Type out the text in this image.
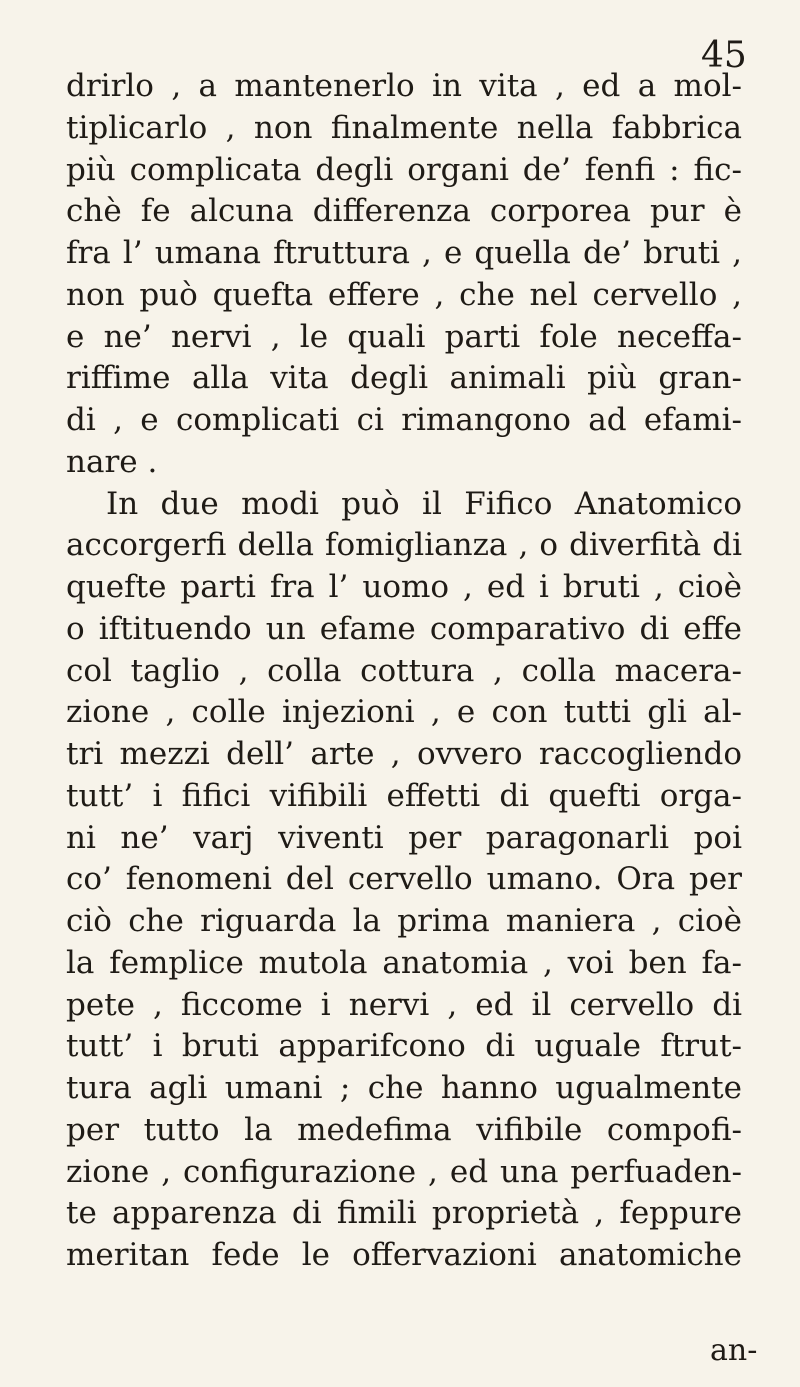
45
drirlo , a mantenerlo in vita , ed a mol-
tiplicarlo , non finalmente nella fabbrica
più complicata degli organi de’ fenfi : fic-
chè fe alcuna differenza corporea pur è
fra l’ umana ftruttura , e quella de’ bruti ,
non può quefta effere , che nel cervello ,
e ne’ nervi , le quali parti fole neceffa-
riffime alla vita degli animali più gran-
di , e complicati ci rimangono ad efami-
nare .
In due modi può il Fifico Anatomico
accorgerfi della fomiglianza , o diverfità di
quefte parti fra l’ uomo , ed i bruti , cioè
o iftituendo un efame comparativo di effe
col taglio , colla cottura , colla macera-
zione , colle injezioni , e con tutti gli al-
tri mezzi dell’ arte , ovvero raccogliendo
tutt’ i fifici vifibili effetti di quefti orga-
ni ne’ varj viventi per paragonarli poi
co’ fenomeni del cervello umano. Ora per
ciò che riguarda la prima maniera , cioè
la femplice mutola anatomia , voi ben fa-
pete , ficcome i nervi , ed il cervello di
tutt’ i bruti apparifcono di uguale ftrut-
tura agli umani ; che hanno ugualmente
per tutto la medefima vifibile compofi-
zione , configurazione , ed una perfuaden-
te apparenza di fimili proprietà , feppure
meritan fede le offervazioni anatomiche
an-
